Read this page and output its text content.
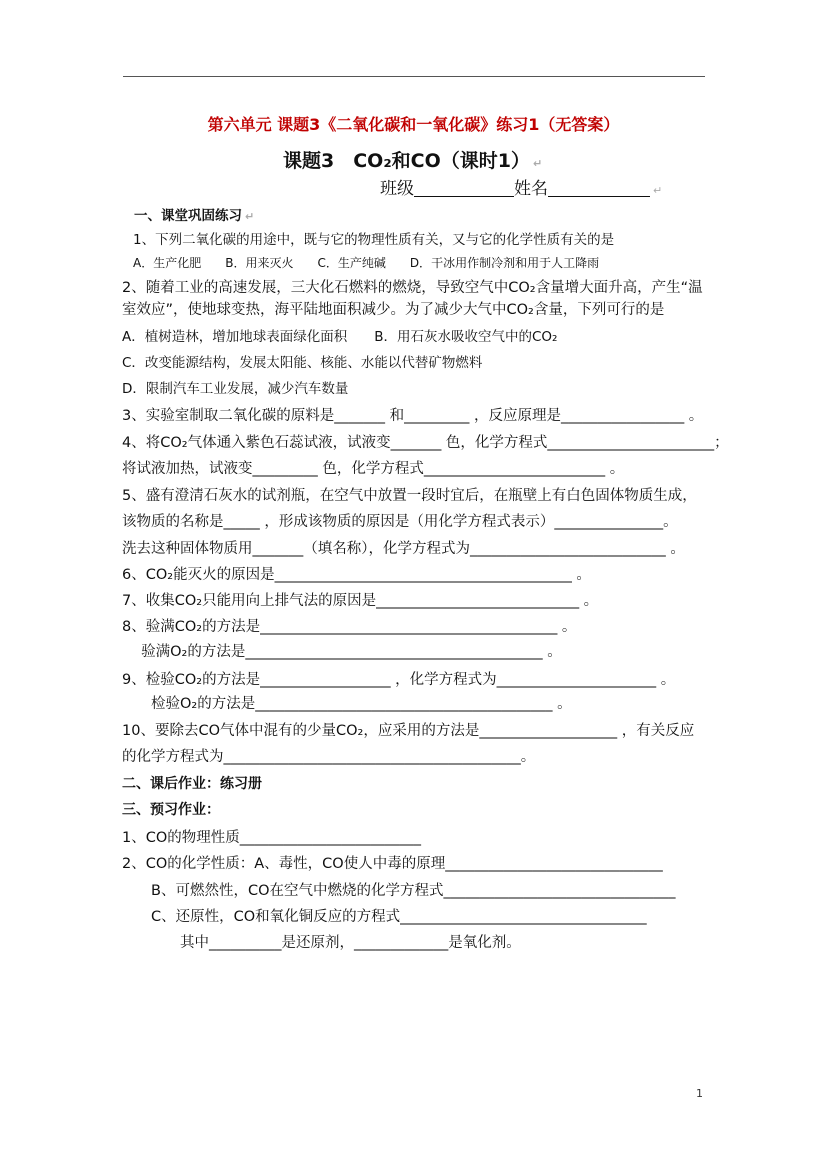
第六单元 课题3《二氧化碳和一氧化碳》练习1（无答案）
课题3　CO₂和CO（课时1） ↵
班级	姓名	↵
一、课堂巩固练习 ↵
1、下列二氧化碳的用途中，既与它的物理性质有关，又与它的化学性质有关的是
A．生产化肥　　B．用来灭火　　C．生产纯碱　　D．干冰用作制冷剂和用于人工降雨
2、随着工业的高速发展，三大化石燃料的燃烧，导致空气中CO₂含量增大面升高，产生“温
室效应”，使地球变热，海平陆地面积减少。为了减少大气中CO₂含量，下列可行的是
A．植树造林，增加地球表面绿化面积　　B．用石灰水吸收空气中的CO₂
C．改变能源结构，发展太阳能、核能、水能以代替矿物燃料
D．限制汽车工业发展，减少汽车数量
3、实验室制取二氧化碳的原料是_______ 和_________ ，反应原理是_________________ 。
4、将CO₂气体通入紫色石蕊试液，试液变_______ 色，化学方程式_______________________；
将试液加热，试液变_________ 色，化学方程式_________________________ 。
5、盛有澄清石灰水的试剂瓶，在空气中放置一段时宜后，在瓶壁上有白色固体物质生成，
该物质的名称是_____ ，形成该物质的原因是（用化学方程式表示）_______________。
洗去这种固体物质用_______（填名称），化学方程式为___________________________ 。
6、CO₂能灭火的原因是_________________________________________ 。
7、收集CO₂只能用向上排气法的原因是____________________________ 。
8、验满CO₂的方法是_________________________________________ 。
　 验满O₂的方法是_________________________________________ 。
9、检验CO₂的方法是__________________ ，化学方程式为______________________ 。
　　检验O₂的方法是_________________________________________ 。
10、要除去CO气体中混有的少量CO₂，应采用的方法是___________________ ，有关反应
的化学方程式为_________________________________________。
二、课后作业：练习册
三、预习作业：
1、CO的物理性质_________________________
2、CO的化学性质：A、毒性，CO使人中毒的原理______________________________
　　B、可燃然性，CO在空气中燃烧的化学方程式________________________________
　　C、还原性，CO和氧化铜反应的方程式__________________________________
　　　　其中__________是还原剂，_____________是氧化剂。
1
